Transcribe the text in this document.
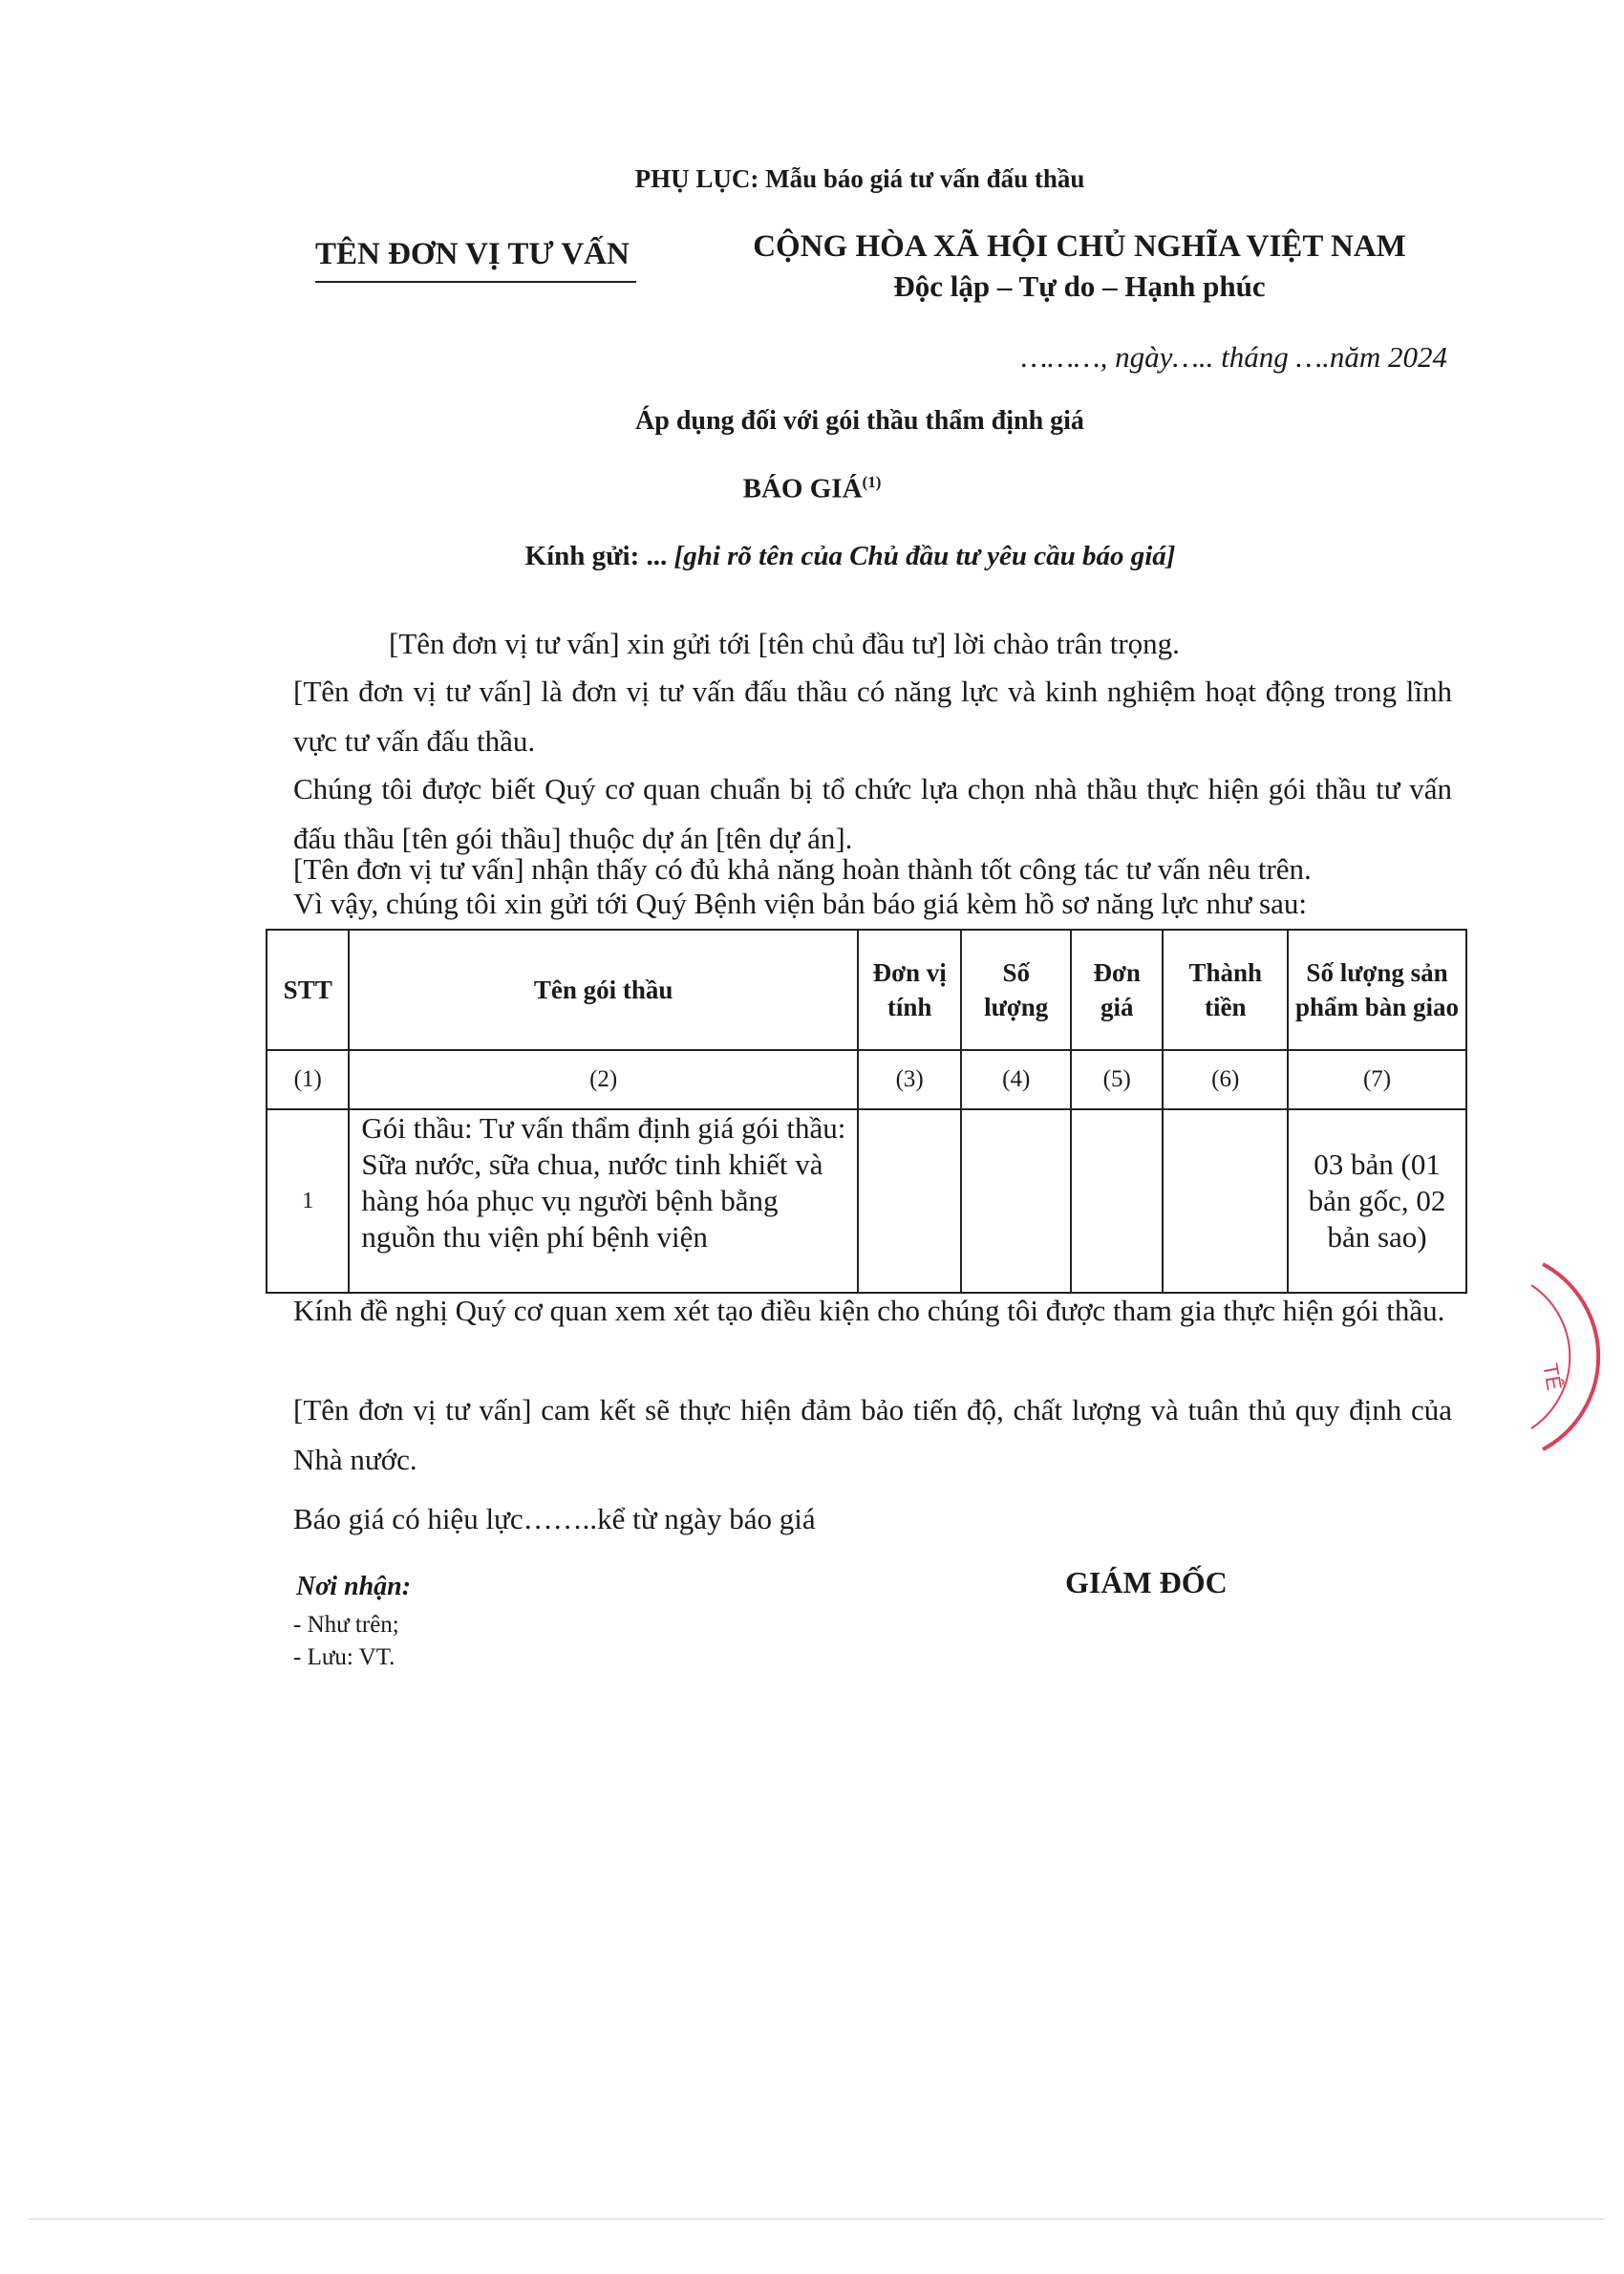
PHỤ LỤC: Mẫu báo giá tư vấn đấu thầu
TÊN ĐƠN VỊ TƯ VẤN	CỘNG HÒA XÃ HỘI CHỦ NGHĨA VIỆT NAM
Độc lập – Tự do – Hạnh phúc
………, ngày….. tháng ….năm 2024
Áp dụng đối với gói thầu thẩm định giá
BÁO GIÁ$^{(1)}$
Kính gửi: ... [ghi rõ tên của Chủ đầu tư yêu cầu báo giá]
[Tên đơn vị tư vấn] xin gửi tới [tên chủ đầu tư] lời chào trân trọng.
[Tên đơn vị tư vấn] là đơn vị tư vấn đấu thầu có năng lực và kinh nghiệm hoạt động trong lĩnh vực tư vấn đấu thầu.
Chúng tôi được biết Quý cơ quan chuẩn bị tổ chức lựa chọn nhà thầu thực hiện gói thầu tư vấn đấu thầu [tên gói thầu] thuộc dự án [tên dự án].
[Tên đơn vị tư vấn] nhận thấy có đủ khả năng hoàn thành tốt công tác tư vấn nêu trên.
Vì vậy, chúng tôi xin gửi tới Quý Bệnh viện bản báo giá kèm hồ sơ năng lực như sau:
STT	Tên gói thầu	Đơn vị tính	Số lượng	Đơn giá	Thành tiền	Số lượng sản phẩm bàn giao
(1)	(2)	(3)	(4)	(5)	(6)	(7)
1	Gói thầu: Tư vấn thẩm định giá gói thầu: Sữa nước, sữa chua, nước tinh khiết và hàng hóa phục vụ người bệnh bằng nguồn thu viện phí bệnh viện					03 bản (01 bản gốc, 02 bản sao)
Kính đề nghị Quý cơ quan xem xét tạo điều kiện cho chúng tôi được tham gia thực hiện gói thầu.
[Tên đơn vị tư vấn] cam kết sẽ thực hiện đảm bảo tiến độ, chất lượng và tuân thủ quy định của Nhà nước.
Báo giá có hiệu lực……..kể từ ngày báo giá
Nơi nhận:
- Như trên;
- Lưu: VT.
GIÁM ĐỐC
TẾ
